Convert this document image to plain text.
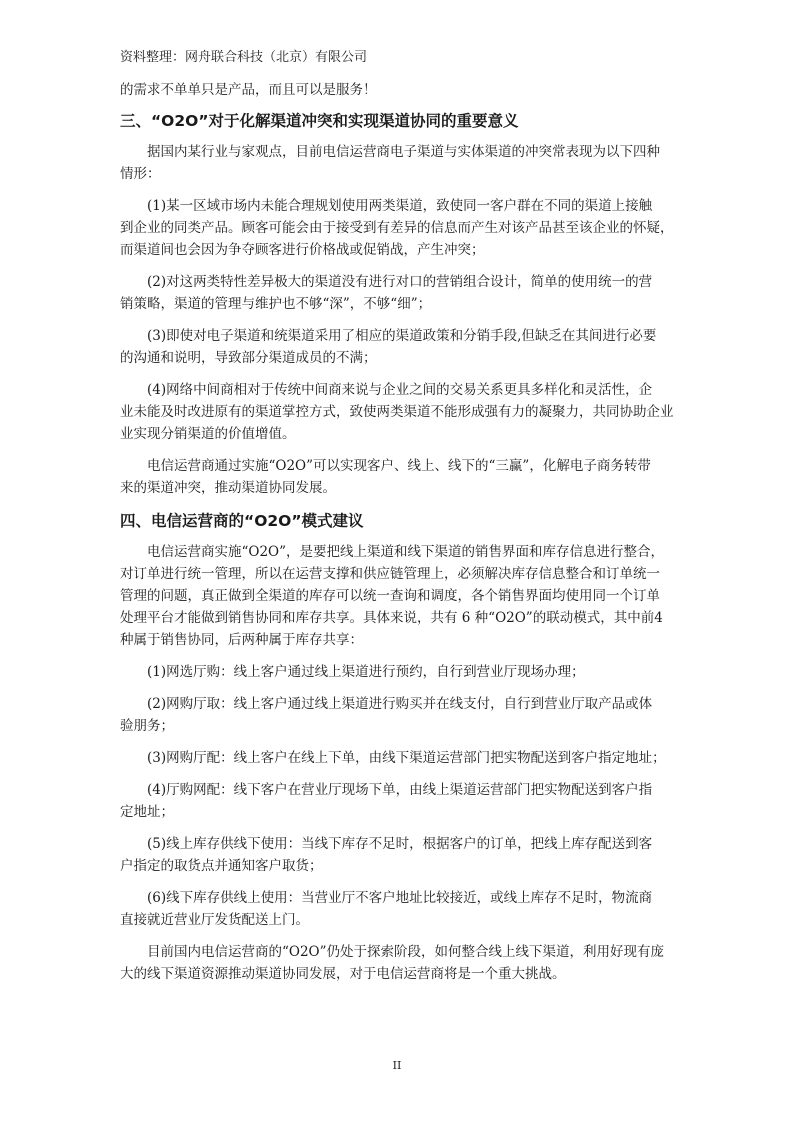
资料整理：网舟联合科技（北京）有限公司

的需求不单单只是产品，而且可以是服务！

三、“O2O”对于化解渠道冲突和实现渠道协同的重要意义

据国内某行业与家观点，目前电信运营商电子渠道与实体渠道的冲突常表现为以下四种

情形：

(1)某一区域市场内未能合理规划使用两类渠道，致使同一客户群在不同的渠道上接触

到企业的同类产品。顾客可能会由于接受到有差异的信息而产生对该产品甚至该企业的怀疑，

而渠道间也会因为争夺顾客进行价格战或促销战，产生冲突；

(2)对这两类特性差异极大的渠道没有进行对口的营销组合设计，简单的使用统一的营

销策略，渠道的管理与维护也不够“深”，不够“细”；

(3)即使对电子渠道和统渠道采用了相应的渠道政策和分销手段,但缺乏在其间进行必要

的沟通和说明，导致部分渠道成员的不满；

(4)网络中间商相对于传统中间商来说与企业之间的交易关系更具多样化和灵活性，企

业未能及时改进原有的渠道掌控方式，致使两类渠道不能形成强有力的凝聚力，共同协助企业

业实现分销渠道的价值增值。

电信运营商通过实施“O2O”可以实现客户、线上、线下的“三赢”，化解电子商务转带

来的渠道冲突，推动渠道协同发展。

四、电信运营商的“O2O”模式建议

电信运营商实施“O2O”，是要把线上渠道和线下渠道的销售界面和库存信息进行整合，

对订单进行统一管理，所以在运营支撑和供应链管理上，必须解决库存信息整合和订单统一

管理的问题，真正做到全渠道的库存可以统一查询和调度，各个销售界面均使用同一个订单

处理平台才能做到销售协同和库存共享。具体来说，共有 6 种“O2O”的联动模式，其中前4

种属于销售协同，后两种属于库存共享：

(1)网选厅购：线上客户通过线上渠道进行预约，自行到营业厅现场办理；

(2)网购厅取：线上客户通过线上渠道进行购买并在线支付，自行到营业厅取产品或体

验朋务；

(3)网购厅配：线上客户在线上下单，由线下渠道运营部门把实物配送到客户指定地址；

(4)厅购网配：线下客户在营业厅现场下单，由线上渠道运营部门把实物配送到客户指

定地址；

(5)线上库存供线下使用：当线下库存不足时，根据客户的订单，把线上库存配送到客

户指定的取货点并通知客户取货；

(6)线下库存供线上使用：当营业厅不客户地址比较接近，或线上库存不足时，物流商

直接就近营业厅发货配送上门。

目前国内电信运营商的“O2O”仍处于探索阶段，如何整合线上线下渠道，利用好现有庞

大的线下渠道资源推动渠道协同发展，对于电信运营商将是一个重大挑战。

II
